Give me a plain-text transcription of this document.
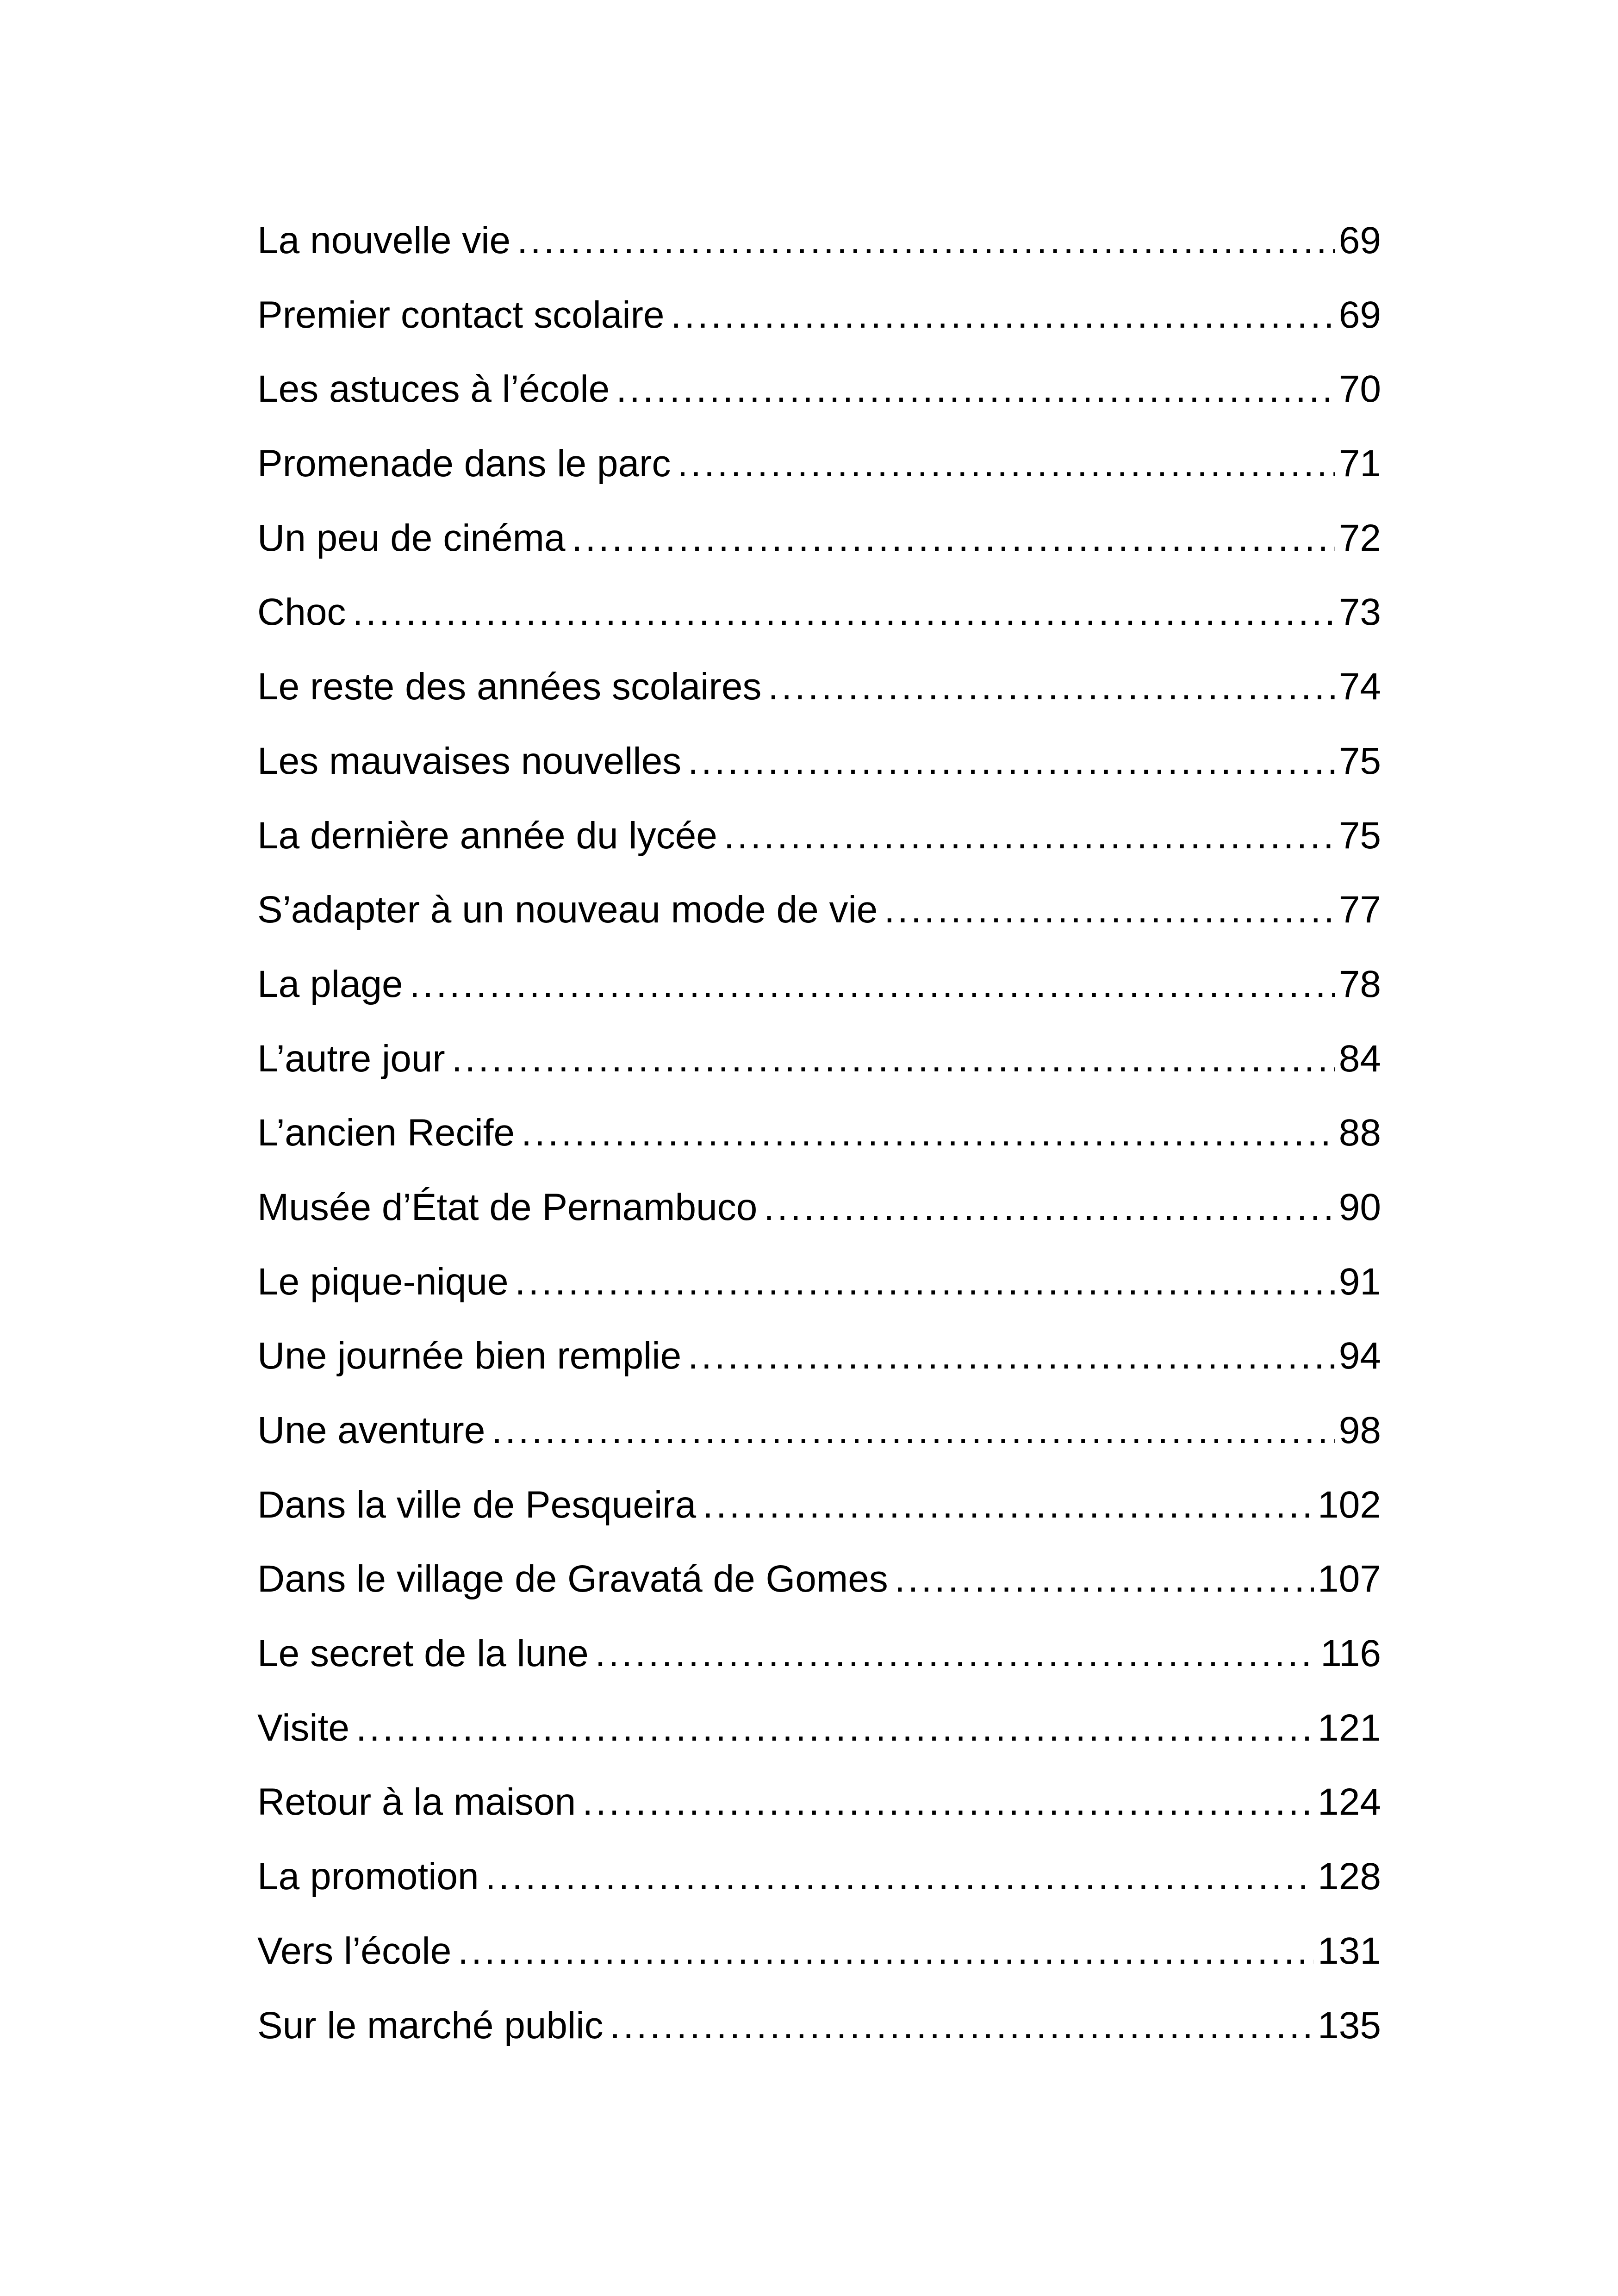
La nouvelle vie .....	69
Premier contact scolaire .....	69
Les astuces à l’école .....	70
Promenade dans le parc .....	71
Un peu de cinéma .....	72
Choc .....	73
Le reste des années scolaires .....	74
Les mauvaises nouvelles .....	75
La dernière année du lycée .....	75
S’adapter à un nouveau mode de vie .....	77
La plage .....	78
L’autre jour .....	84
L’ancien Recife .....	88
Musée d’État de Pernambuco .....	90
Le pique-nique .....	91
Une journée bien remplie .....	94
Une aventure .....	98
Dans la ville de Pesqueira .....	102
Dans le village de Gravatá de Gomes .....	107
Le secret de la lune .....	116
Visite .....	121
Retour à la maison .....	124
La promotion .....	128
Vers l’école .....	131
Sur le marché public .....	135
